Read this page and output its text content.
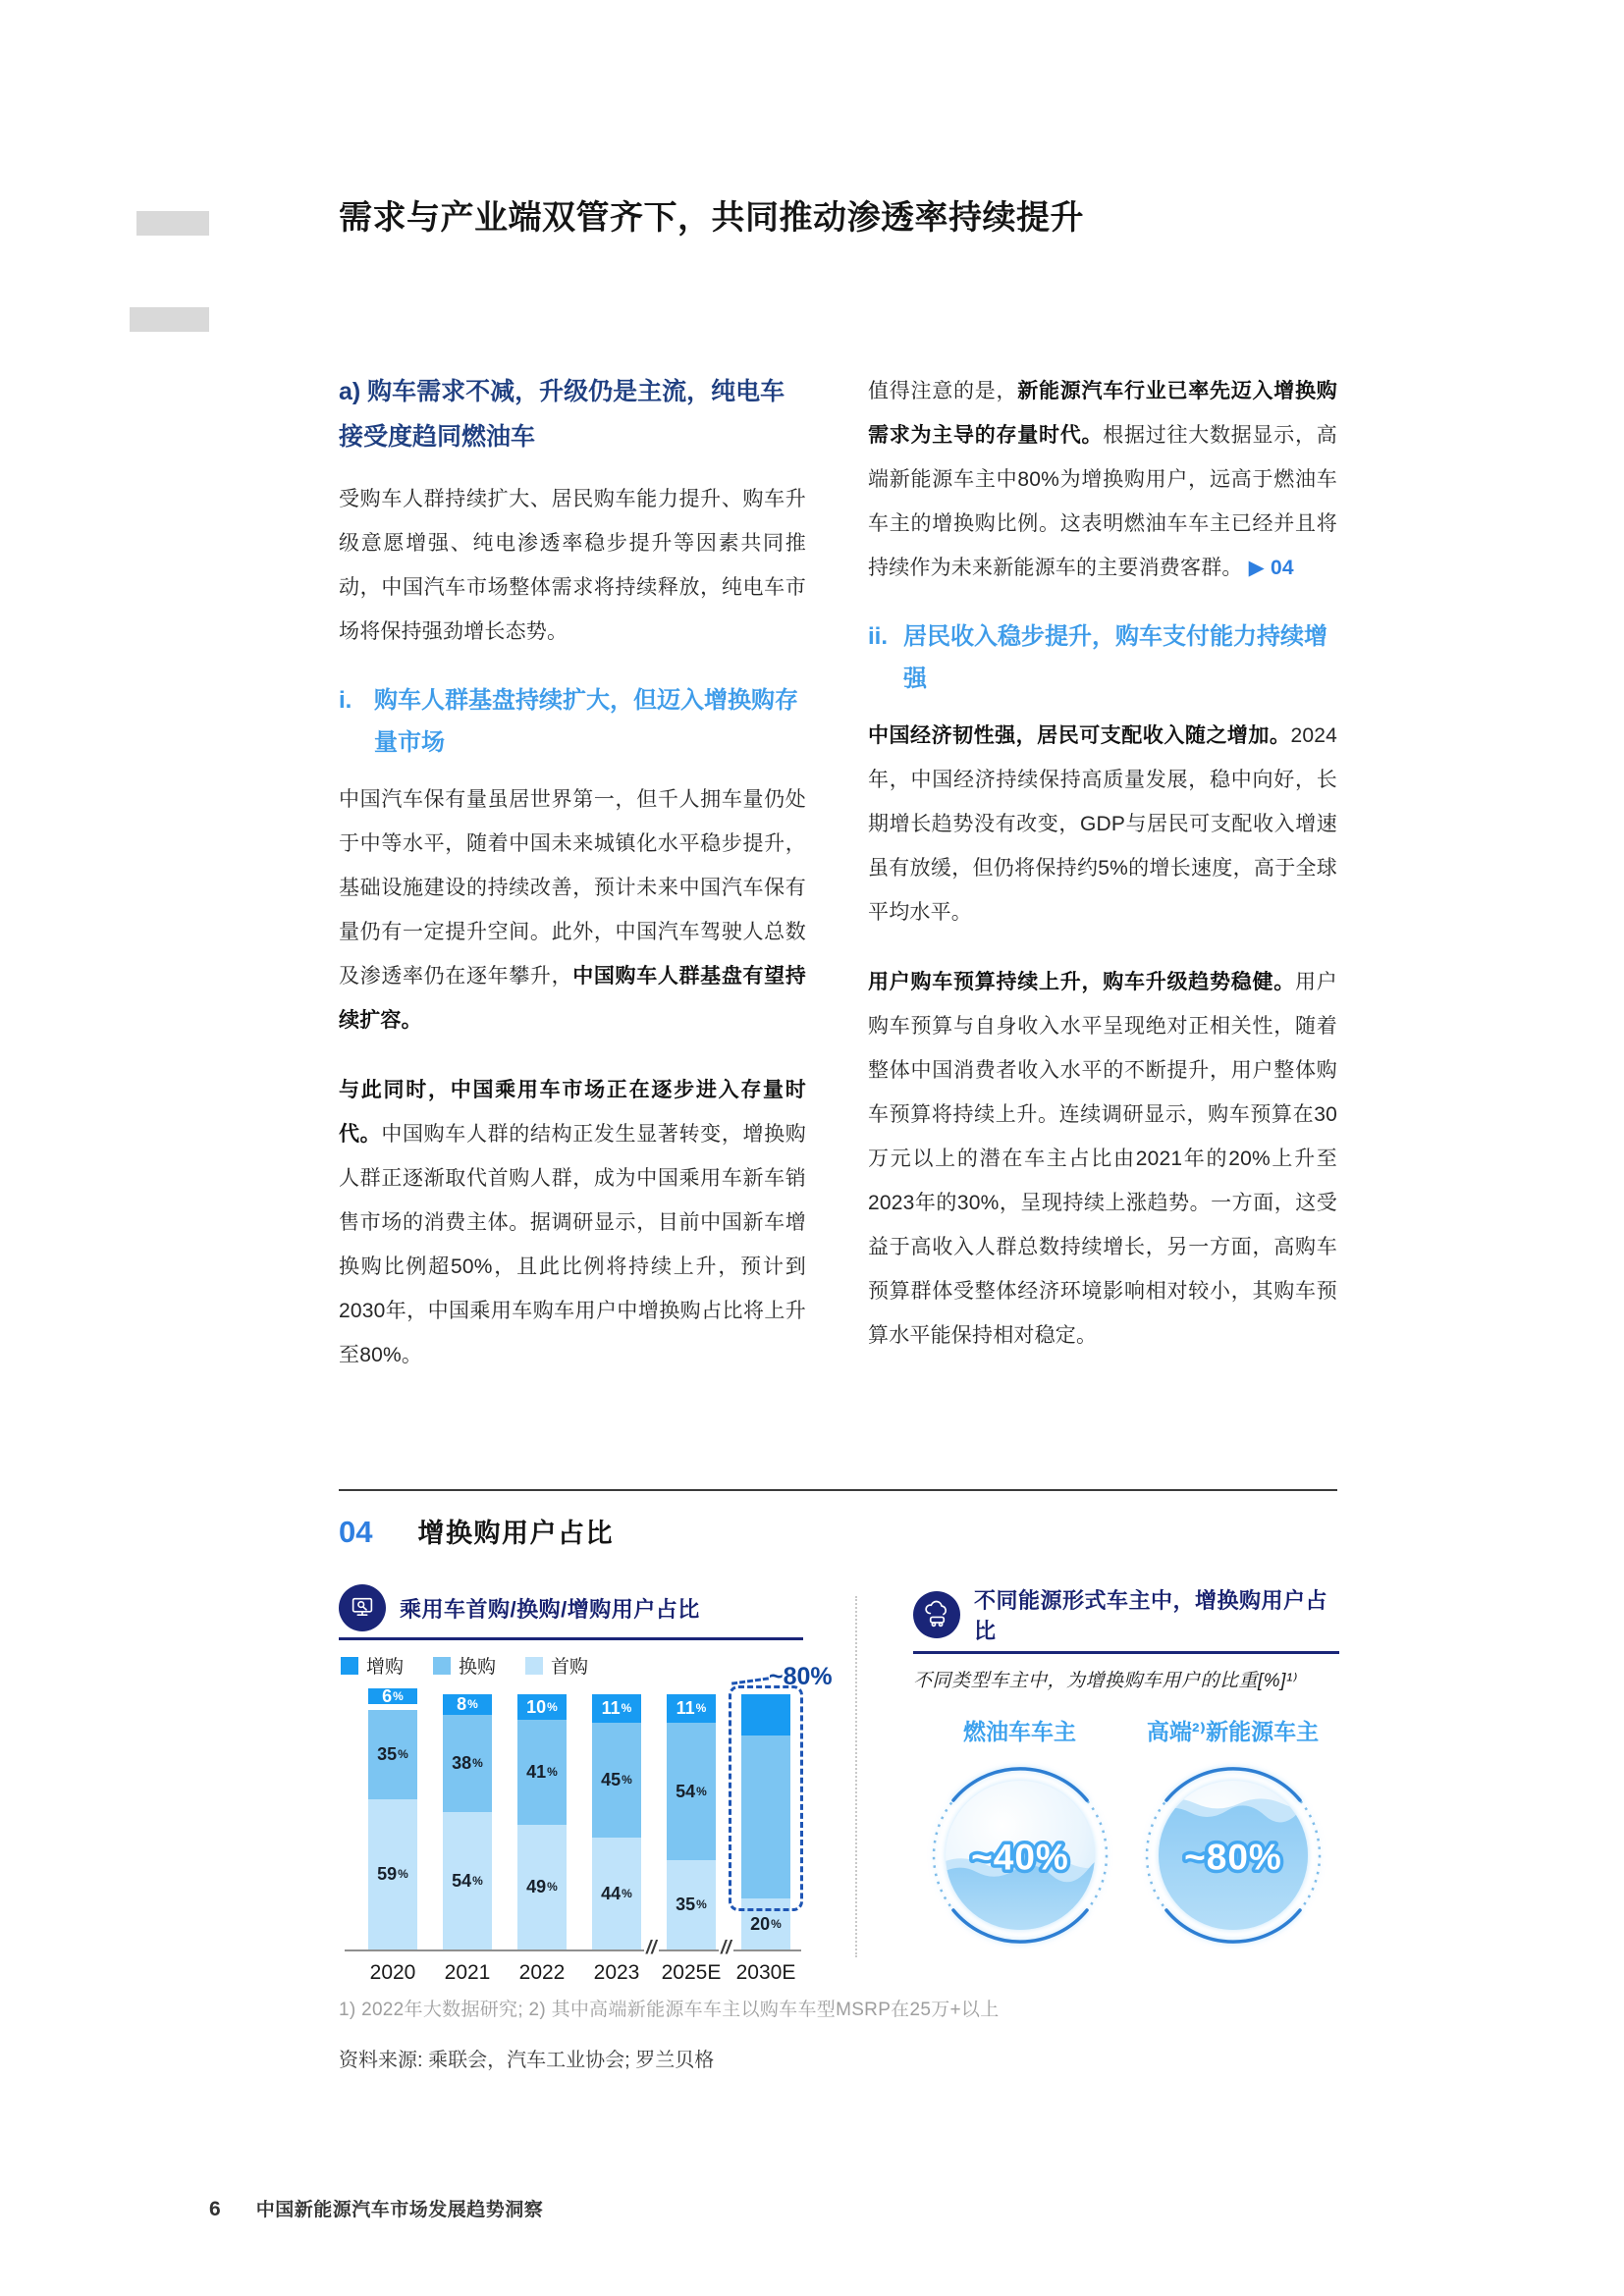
需求与产业端双管齐下，共同推动渗透率持续提升
a) 购车需求不减，升级仍是主流，纯电车接受度趋同燃油车

受购车人群持续扩大、居民购车能力提升、购车升级意愿增强、纯电渗透率稳步提升等因素共同推动，中国汽车市场整体需求将持续释放，纯电车市场将保持强劲增长态势。

i. 购车人群基盘持续扩大，但迈入增换购存量市场

中国汽车保有量虽居世界第一，但千人拥车量仍处于中等水平，随着中国未来城镇化水平稳步提升，基础设施建设的持续改善，预计未来中国汽车保有量仍有一定提升空间。此外，中国汽车驾驶人总数及渗透率仍在逐年攀升，中国购车人群基盘有望持续扩容。

与此同时，中国乘用车市场正在逐步进入存量时代。中国购车人群的结构正发生显著转变，增换购人群正逐渐取代首购人群，成为中国乘用车新车销售市场的消费主体。据调研显示，目前中国新车增换购比例超50%，且此比例将持续上升，预计到2030年，中国乘用车购车用户中增换购占比将上升至80%。

值得注意的是，新能源汽车行业已率先迈入增换购需求为主导的存量时代。根据过往大数据显示，高端新能源车主中80%为增换购用户，远高于燃油车车主的增换购比例。这表明燃油车车主已经并且将持续作为未来新能源车的主要消费客群。 ▶ 04

ii. 居民收入稳步提升，购车支付能力持续增强

中国经济韧性强，居民可支配收入随之增加。2024年，中国经济持续保持高质量发展，稳中向好，长期增长趋势没有改变，GDP与居民可支配收入增速虽有放缓，但仍将保持约5%的增长速度，高于全球平均水平。

用户购车预算持续上升，购车升级趋势稳健。用户购车预算与自身收入水平呈现绝对正相关性，随着整体中国消费者收入水平的不断提升，用户整体购车预算将持续上升。连续调研显示，购车预算在30万元以上的潜在车主占比由2021年的20%上升至2023年的30%，呈现持续上涨趋势。一方面，这受益于高收入人群总数持续增长，另一方面，高购车预算群体受整体经济环境影响相对较小，其购车预算水平能保持相对稳定。

04 增换购用户占比
乘用车首购/换购/增购用户占比
增购	换购	首购
6 %
35 %
59 %
2020
8 %
38 %
54 %
2021
10 %
41 %
49 %
2022
11 %
45 %
44 %
2023
11 %
54 %
35 %
2025E
20 %
2030E
//	//
~80%
不同能源形式车主中，增换购用户占比
不同类型车主中，为增换购车用户的比重[%]¹⁾
燃油车车主
~40%
高端²⁾新能源车主
~80%
1) 2022年大数据研究; 2) 其中高端新能源车车主以购车车型MSRP在25万+以上
资料来源: 乘联会，汽车工业协会; 罗兰贝格
6 中国新能源汽车市场发展趋势洞察
